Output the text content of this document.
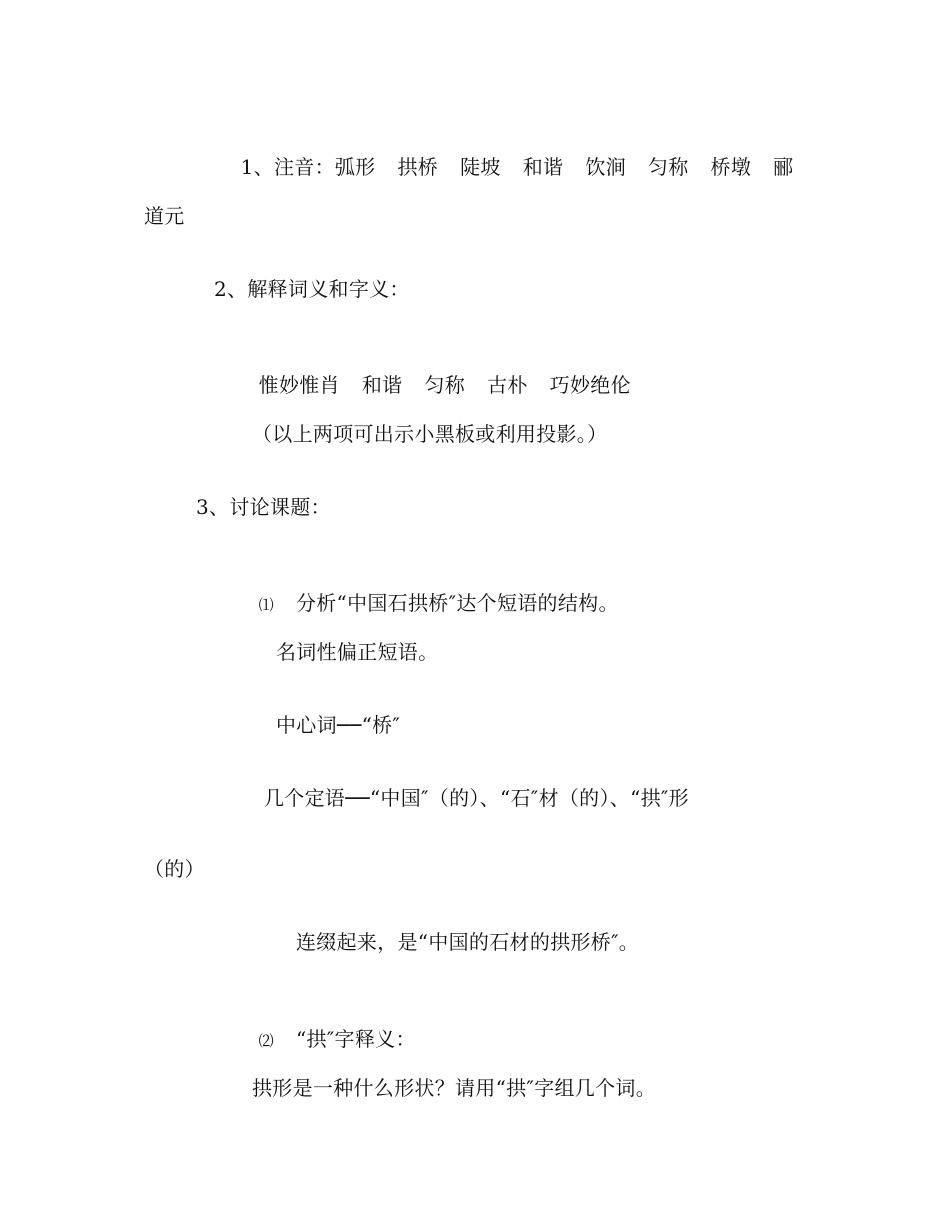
1、注音：弧形 拱桥 陡坡 和谐 饮涧 匀称 桥墩 郦

道元
2、解释词义和字义：

惟妙惟肖 和谐 匀称 古朴 巧妙绝伦

（以上两项可出示小黑板或利用投影。）
3、讨论课题：

⑴ 分析“中国石拱桥″达个短语的结构。

名词性偏正短语。
中心词──“桥″
几个定语──“中国″（的）、“石″材（的）、“拱″形
（的）
连缀起来，是“中国的石材的拱形桥″。

⑵ “拱″字释义：

拱形是一种什么形状？请用“拱″字组几个词。
